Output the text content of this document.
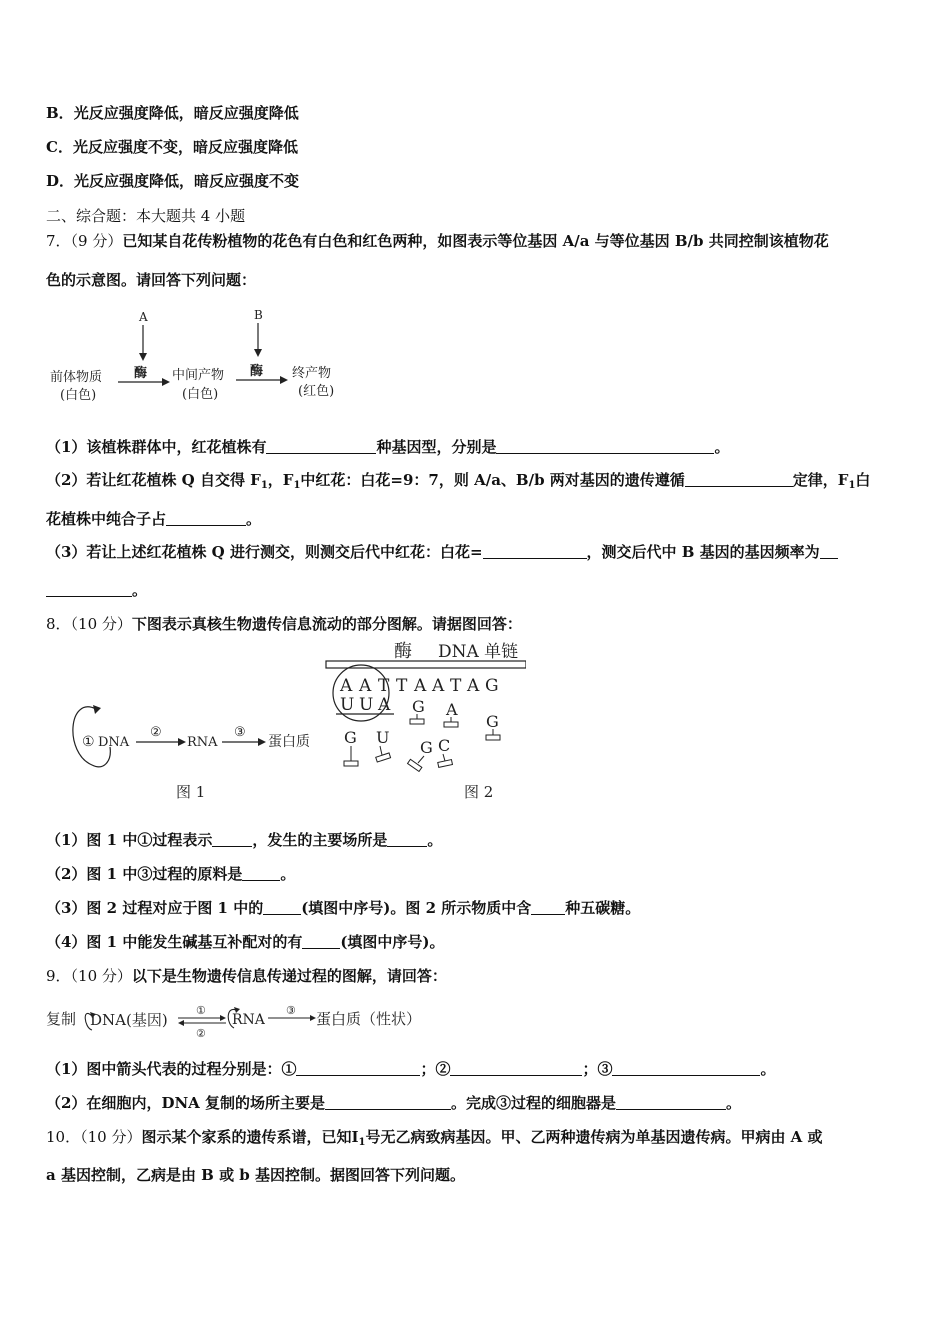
B．光反应强度降低，暗反应强度降低
C．光反应强度不变，暗反应强度降低
D．光反应强度降低，暗反应强度不变
二、综合题：本大题共 4 小题
7．（9 分）已知某自花传粉植物的花色有白色和红色两种，如图表示等位基因 A/a 与等位基因 B/b 共同控制该植物花
色的示意图。请回答下列问题：
A	B
前体物质
(白色)
酶 中间产物
(白色)
酶 终产物
(红色)
（1）该植株群体中，红花植株有	种基因型，分别是	。
（2）若让红花植株 Q 自交得 $F_1$，$F_1$中红花：白花=9：7，则 A/a、B/b 两对基因的遗传遵循	定律，$F_1$白
花植株中纯合子占	。
（3）若让上述红花植株 Q 进行测交，则测交后代中红花：白花=	，测交后代中 B 基因的基因频率为
。
8．（10 分）下图表示真核生物遗传信息流动的部分图解。请据图回答：
① DNA
②
RNA
③
蛋白质
图 1
酶 DNA 单链
A A T T A A T A G
U U A G A
G
G U
G C
图 2
（1）图 1 中①过程表示	，发生的主要场所是	。
（2）图 1 中③过程的原料是	。
（3）图 2 过程对应于图 1 中的	(填图中序号)。图 2 所示物质中含 种五碳糖。
（4）图 1 中能发生碱基互补配对的有	(填图中序号)。
9．（10 分）以下是生物遗传信息传递过程的图解，请回答：
复制 DNA(基因)
①
②
RNA
③ 蛋白质（性状）
（1）图中箭头代表的过程分别是：①	；②	；③	。
（2）在细胞内，DNA 复制的场所主要是	。完成③过程的细胞器是	。
10．（10 分）图示某个家系的遗传系谱，已知$Ⅰ_1$号无乙病致病基因。甲、乙两种遗传病为单基因遗传病。甲病由 A 或
a 基因控制，乙病是由 B 或 b 基因控制。据图回答下列问题。
